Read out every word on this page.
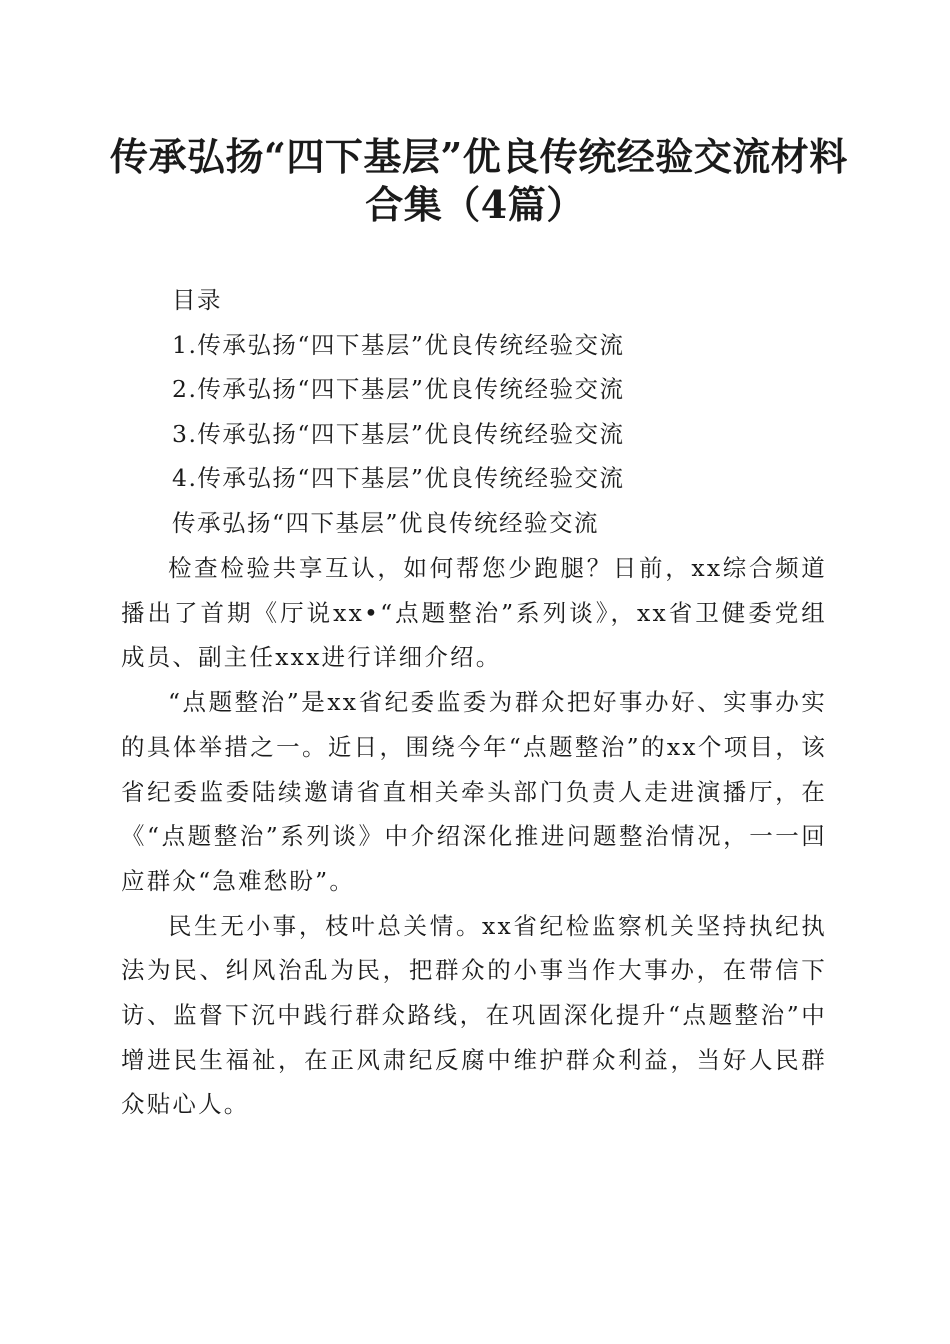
传承弘扬“四下基层”优良传统经验交流材料
合集（4篇）
目录
1.传承弘扬“四下基层”优良传统经验交流
2.传承弘扬“四下基层”优良传统经验交流
3.传承弘扬“四下基层”优良传统经验交流
4.传承弘扬“四下基层”优良传统经验交流
传承弘扬“四下基层”优良传统经验交流

检查检验共享互认，如何帮您少跑腿？日前，xx综合频道播出了首期《厅说xx•“点题整治”系列谈》，xx省卫健委党组成员、副主任xxx进行详细介绍。

“点题整治”是xx省纪委监委为群众把好事办好、实事办实的具体举措之一。近日，围绕今年“点题整治”的xx个项目，该省纪委监委陆续邀请省直相关牵头部门负责人走进演播厅，在《“点题整治”系列谈》中介绍深化推进问题整治情况，一一回应群众“急难愁盼”。

民生无小事，枝叶总关情。xx省纪检监察机关坚持执纪执法为民、纠风治乱为民，把群众的小事当作大事办，在带信下访、监督下沉中践行群众路线，在巩固深化提升“点题整治”中增进民生福祉，在正风肃纪反腐中维护群众利益，当好人民群众贴心人。
